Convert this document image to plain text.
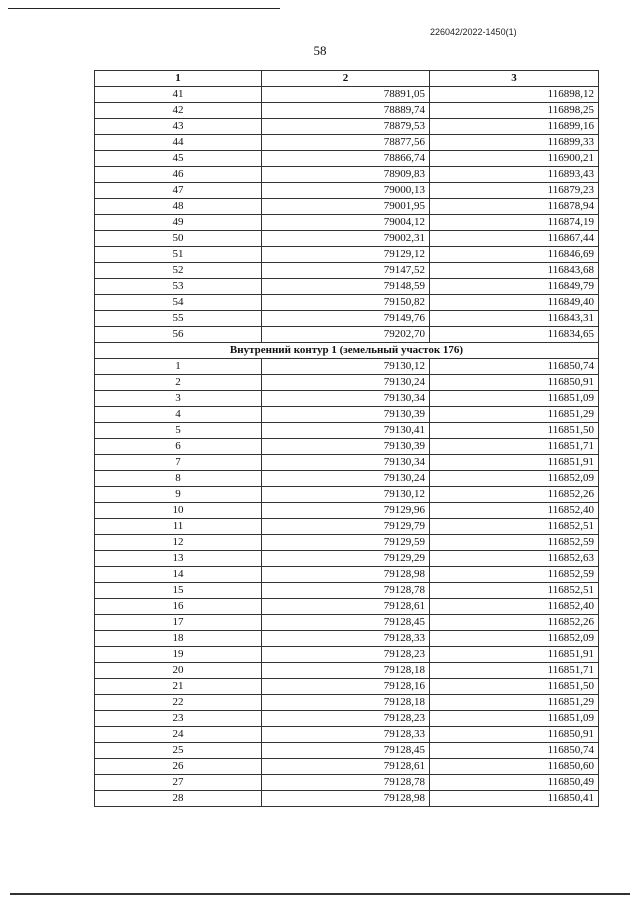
226042/2022-1450(1)
58
1	2	3
41	78891,05	116898,12
42	78889,74	116898,25
43	78879,53	116899,16
44	78877,56	116899,33
45	78866,74	116900,21
46	78909,83	116893,43
47	79000,13	116879,23
48	79001,95	116878,94
49	79004,12	116874,19
50	79002,31	116867,44
51	79129,12	116846,69
52	79147,52	116843,68
53	79148,59	116849,79
54	79150,82	116849,40
55	79149,76	116843,31
56	79202,70	116834,65
Внутренний контур 1 (земельный участок 176)		
1	79130,12	116850,74
2	79130,24	116850,91
3	79130,34	116851,09
4	79130,39	116851,29
5	79130,41	116851,50
6	79130,39	116851,71
7	79130,34	116851,91
8	79130,24	116852,09
9	79130,12	116852,26
10	79129,96	116852,40
11	79129,79	116852,51
12	79129,59	116852,59
13	79129,29	116852,63
14	79128,98	116852,59
15	79128,78	116852,51
16	79128,61	116852,40
17	79128,45	116852,26
18	79128,33	116852,09
19	79128,23	116851,91
20	79128,18	116851,71
21	79128,16	116851,50
22	79128,18	116851,29
23	79128,23	116851,09
24	79128,33	116850,91
25	79128,45	116850,74
26	79128,61	116850,60
27	79128,78	116850,49
28	79128,98	116850,41
